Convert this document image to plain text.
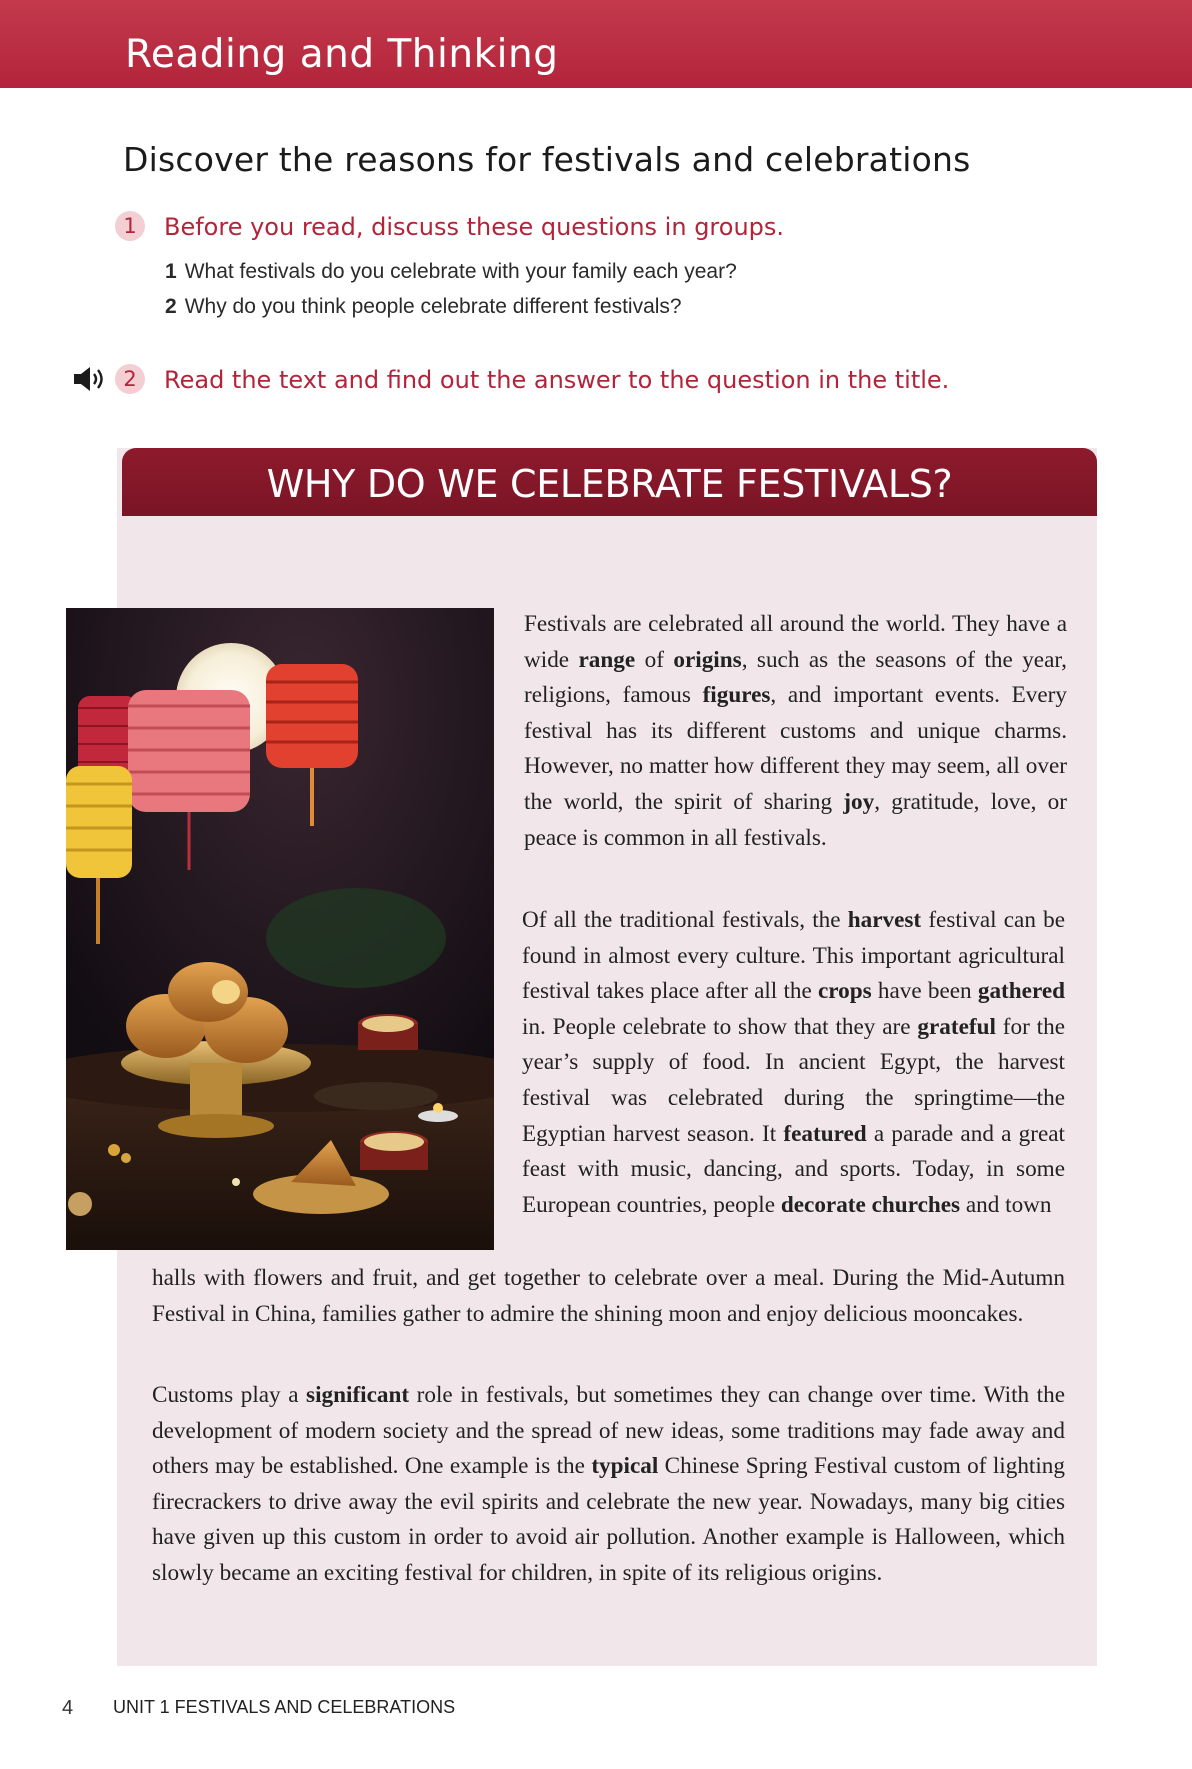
Reading and Thinking
Discover the reasons for festivals and celebrations
1	Before you read, discuss these questions in groups.
1 What festivals do you celebrate with your family each year?
2 Why do you think people celebrate different festivals?
2	Read the text and find out the answer to the question in the title.
WHY DO WE CELEBRATE FESTIVALS?
Festivals are celebrated all around the world. They have a wide range of origins, such as the seasons of the year, religions, famous figures, and important events. Every festival has its different customs and unique charms. However, no matter how different they may seem, all over the world, the spirit of sharing joy, gratitude, love, or peace is common in all festivals.
Of all the traditional festivals, the harvest festival can be found in almost every culture. This important agricultural festival takes place after all the crops have been gathered in. People celebrate to show that they are grateful for the year’s supply of food. In ancient Egypt, the harvest festival was celebrated during the springtime—the Egyptian harvest season. It featured a parade and a great feast with music, dancing, and sports. Today, in some European countries, people decorate churches and town
halls with flowers and fruit, and get together to celebrate over a meal. During the Mid-Autumn Festival in China, families gather to admire the shining moon and enjoy delicious mooncakes.
Customs play a significant role in festivals, but sometimes they can change over time. With the development of modern society and the spread of new ideas, some traditions may fade away and others may be established. One example is the typical Chinese Spring Festival custom of lighting firecrackers to drive away the evil spirits and celebrate the new year. Nowadays, many big cities have given up this custom in order to avoid air pollution. Another example is Halloween, which slowly became an exciting festival for children, in spite of its religious origins.
4 UNIT 1 FESTIVALS AND CELEBRATIONS
